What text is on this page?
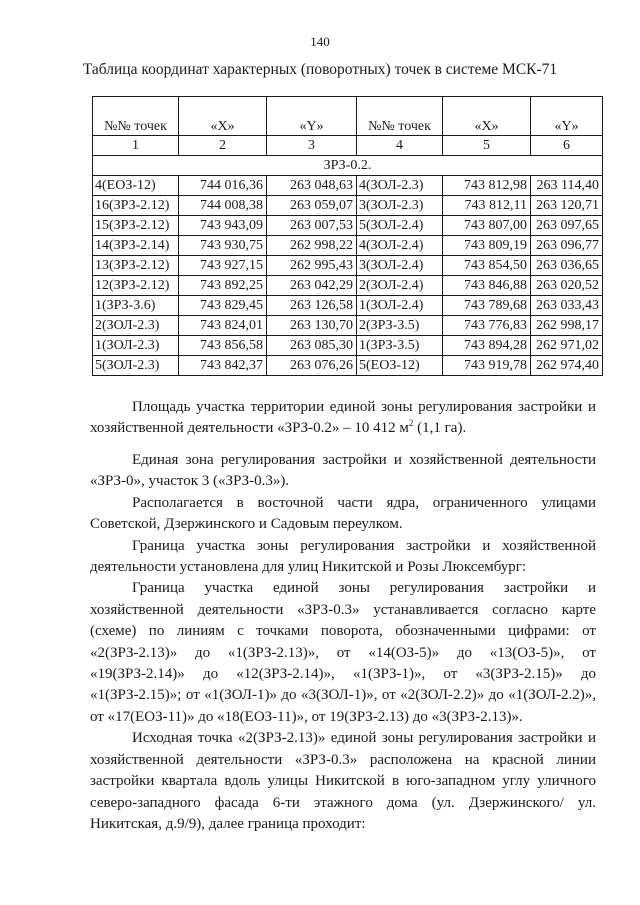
140
Таблица координат характерных (поворотных) точек в системе МСК-71
№№ точек	«X»	«Y»	№№ точек	«X»	«Y»
1	2	3	4	5	6
ЗРЗ-0.2.					
4(ЕОЗ-12)	744 016,36	263 048,63	4(ЗОЛ-2.3)	743 812,98	263 114,40
16(ЗРЗ-2.12)	744 008,38	263 059,07	3(ЗОЛ-2.3)	743 812,11	263 120,71
15(ЗРЗ-2.12)	743 943,09	263 007,53	5(ЗОЛ-2.4)	743 807,00	263 097,65
14(ЗРЗ-2.14)	743 930,75	262 998,22	4(ЗОЛ-2.4)	743 809,19	263 096,77
13(ЗРЗ-2.12)	743 927,15	262 995,43	3(ЗОЛ-2.4)	743 854,50	263 036,65
12(ЗРЗ-2.12)	743 892,25	263 042,29	2(ЗОЛ-2.4)	743 846,88	263 020,52
1(ЗРЗ-3.6)	743 829,45	263 126,58	1(ЗОЛ-2.4)	743 789,68	263 033,43
2(ЗОЛ-2.3)	743 824,01	263 130,70	2(ЗРЗ-3.5)	743 776,83	262 998,17
1(ЗОЛ-2.3)	743 856,58	263 085,30	1(ЗРЗ-3.5)	743 894,28	262 971,02
5(ЗОЛ-2.3)	743 842,37	263 076,26	5(ЕОЗ-12)	743 919,78	262 974,40

Площадь участка территории единой зоны регулирования застройки и хозяйственной деятельности «ЗРЗ-0.2» – 10 412 $м^2$ (1,1 га).

Единая зона регулирования застройки и хозяйственной деятельности «ЗРЗ-0», участок 3 («ЗРЗ-0.3»).

Располагается в восточной части ядра, ограниченного улицами Советской, Дзержинского и Садовым переулком.

Граница участка зоны регулирования застройки и хозяйственной деятельности установлена для улиц Никитской и Розы Люксембург:

Граница участка единой зоны регулирования застройки и хозяйственной деятельности «ЗРЗ-0.3» устанавливается согласно карте (схеме) по линиям с точками поворота, обозначенными цифрами: от «2(ЗРЗ-2.13)» до «1(ЗРЗ-2.13)», от «14(ОЗ-5)» до «13(ОЗ-5)», от «19(ЗРЗ-2.14)» до «12(ЗРЗ-2.14)», «1(ЗРЗ-1)», от «3(ЗРЗ-2.15)» до «1(ЗРЗ-2.15)»; от «1(ЗОЛ-1)» до «3(ЗОЛ-1)», от «2(ЗОЛ-2.2)» до «1(ЗОЛ-2.2)», от «17(ЕОЗ-11)» до «18(ЕОЗ-11)», от 19(ЗРЗ-2.13) до «3(ЗРЗ-2.13)».

Исходная точка «2(ЗРЗ-2.13)» единой зоны регулирования застройки и хозяйственной деятельности «ЗРЗ-0.3» расположена на красной линии застройки квартала вдоль улицы Никитской в юго-западном углу уличного северо-западного фасада 6-ти этажного дома (ул. Дзержинского/ ул. Никитская, д.9/9), далее граница проходит:
